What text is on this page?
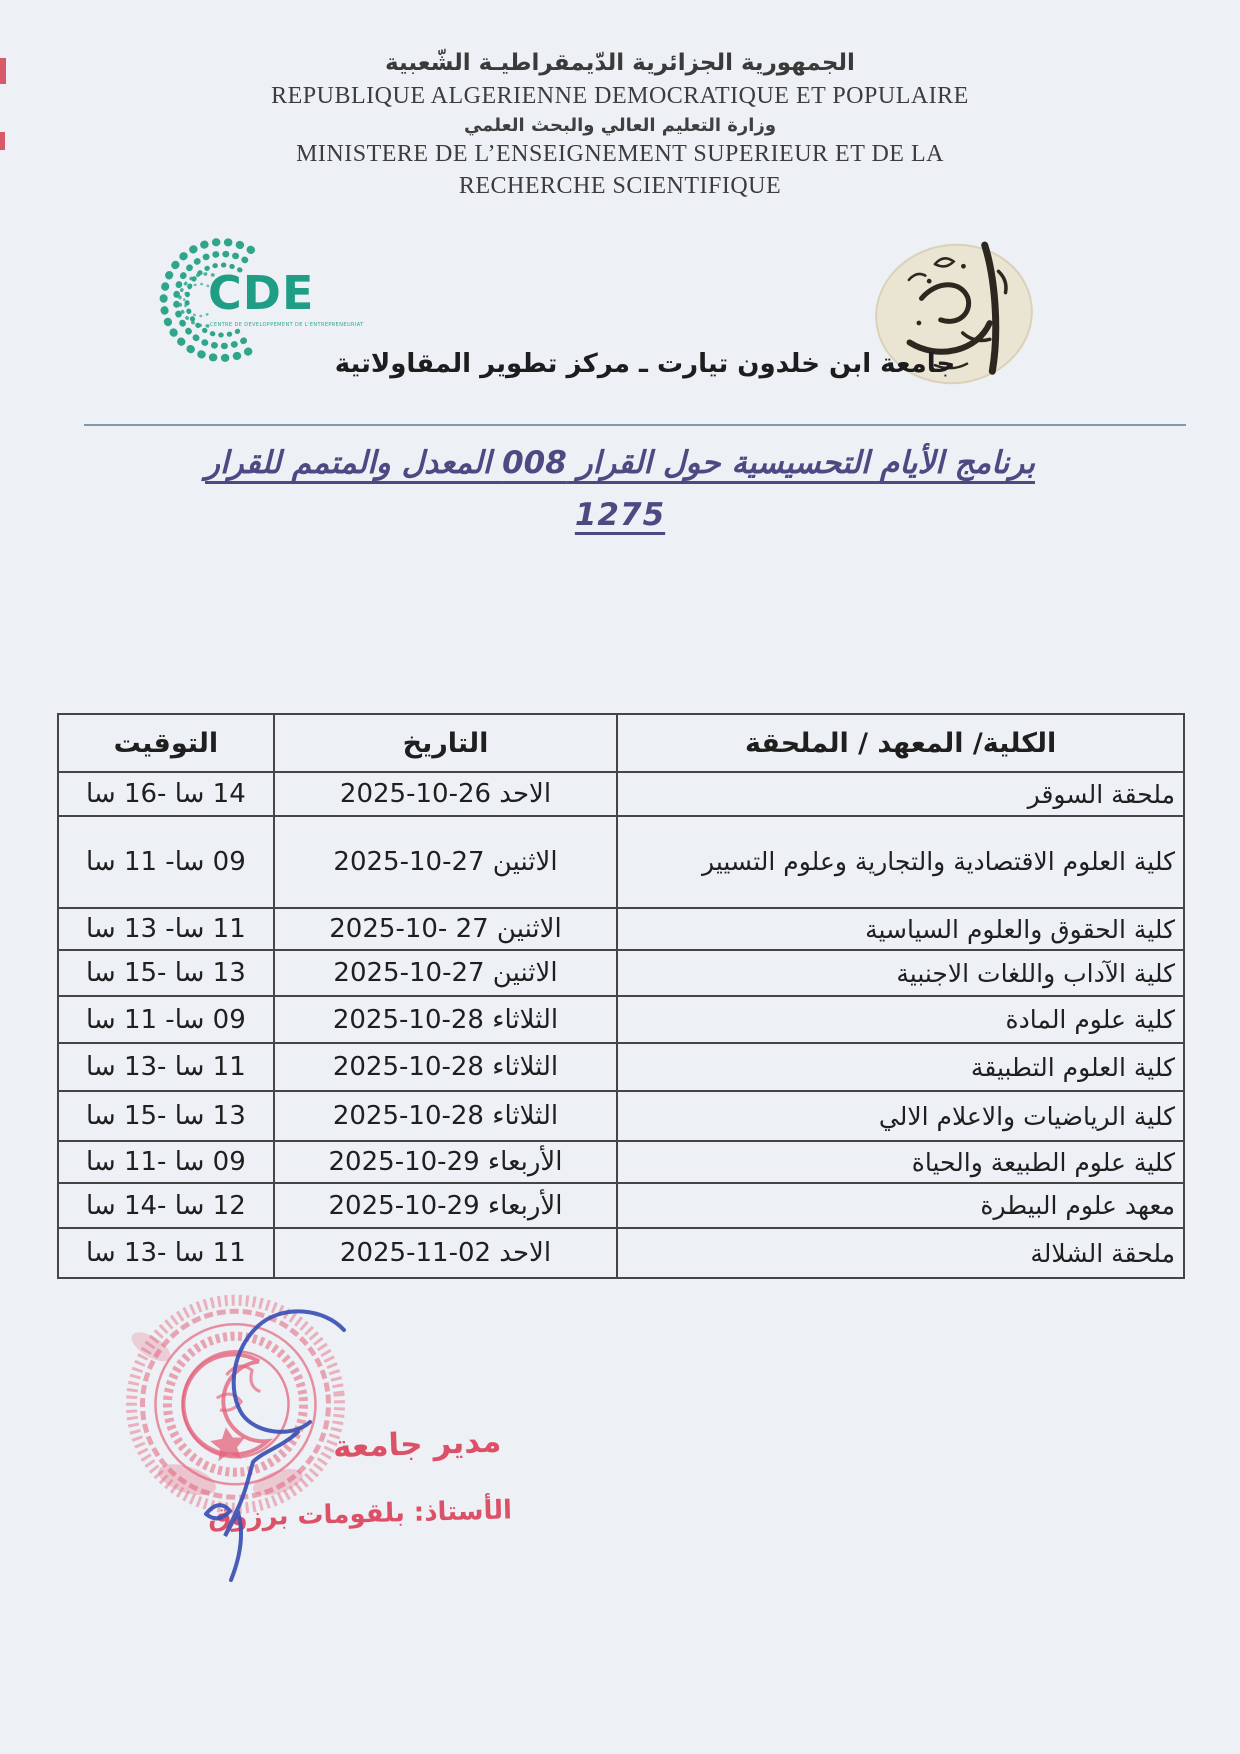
الجمهورية الجزائرية الدّيمقراطيـة الشّعبية
REPUBLIQUE ALGERIENNE DEMOCRATIQUE ET POPULAIRE
وزارة التعليم العالي والبحث العلمي
MINISTERE DE L’ENSEIGNEMENT SUPERIEUR ET DE LA
RECHERCHE SCIENTIFIQUE
CDE
CENTRE DE DEVELOPPEMENT DE L'ENTREPRENEURIAT
جامعة ابن خلدون تيارت ـ مركز تطوير المقاولاتية
برنامج الأيام التحسيسية حول القرار 008 المعدل والمتمم للقرار
1275
الكلية/ المعهد / الملحقة	التاريخ	التوقيت
ملحقة السوقر	الاحد 26-10-2025	14 سا -16 سا
كلية العلوم الاقتصادية والتجارية وعلوم التسيير	الاثنين 27-10-2025	09 سا- 11 سا
كلية الحقوق والعلوم السياسية	الاثنين 27 -10-2025	11 سا- 13 سا
كلية الآداب واللغات الاجنبية	الاثنين 27-10-2025	13 سا -15 سا
كلية علوم المادة	الثلاثاء 28-10-2025	09 سا- 11 سا
كلية العلوم التطبيقة	الثلاثاء 28-10-2025	11 سا -13 سا
كلية الرياضيات والاعلام الالي	الثلاثاء 28-10-2025	13 سا -15 سا
كلية علوم الطبيعة والحياة	الأربعاء 29-10-2025	09 سا -11 سا
معهد علوم البيطرة	الأربعاء 29-10-2025	12 سا -14 سا
ملحقة الشلالة	الاحد 02-11-2025	11 سا -13 سا
مدير جامعة
الأستاذ: بلقومات برزوق
